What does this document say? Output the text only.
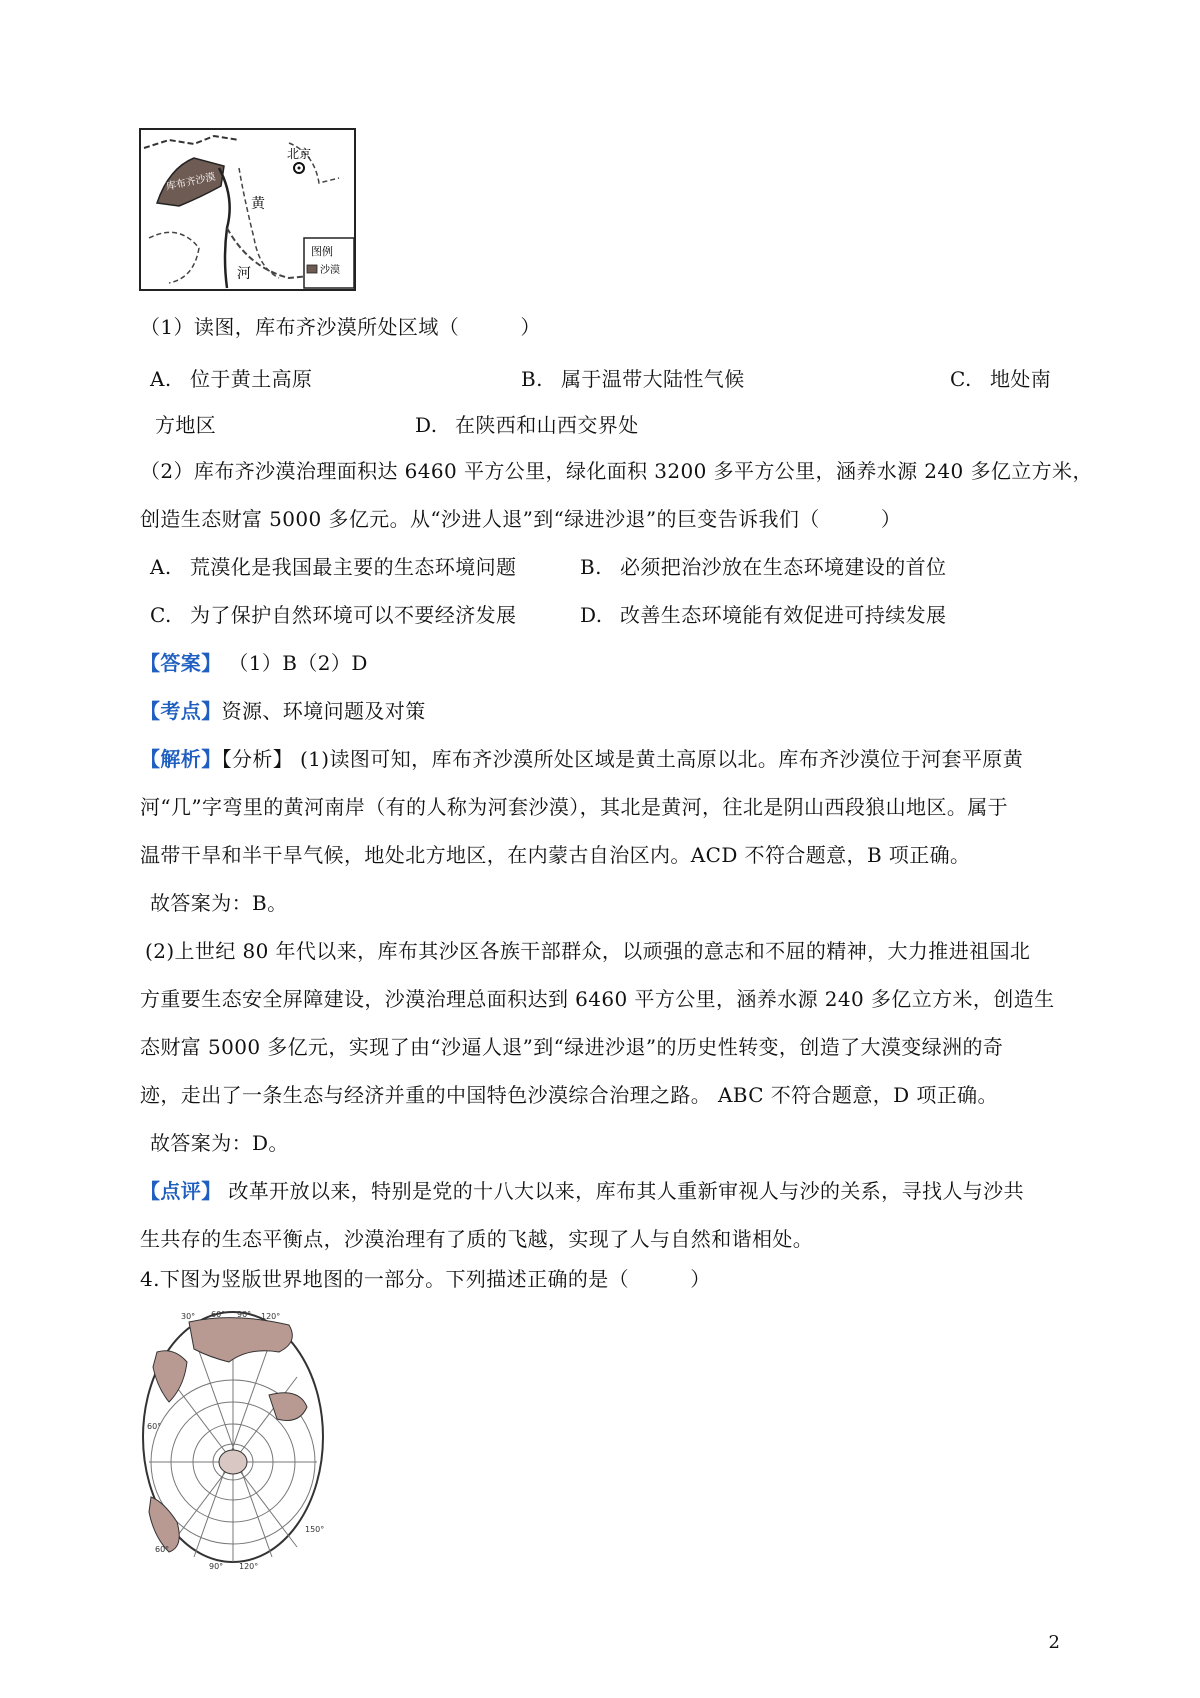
北京
库布齐沙漠
黄
河
图例
沙漠
（1）读图，库布齐沙漠所处区域（　　　）
A. 位于黄土高原	B. 属于温带大陆性气候	C. 地处南
方地区	D. 在陕西和山西交界处
（2）库布齐沙漠治理面积达 6460 平方公里，绿化面积 3200 多平方公里，涵养水源 240 多亿立方米，
创造生态财富 5000 多亿元。从“沙进人退”到“绿进沙退”的巨变告诉我们（　　　）
A. 荒漠化是我国最主要的生态环境问题	B. 必须把治沙放在生态环境建设的首位
C. 为了保护自然环境可以不要经济发展	D. 改善生态环境能有效促进可持续发展
【答案】 （1）B（2）D
【考点】资源、环境问题及对策
【解析】【分析】 (1)读图可知，库布齐沙漠所处区域是黄土高原以北。库布齐沙漠位于河套平原黄
河“几”字弯里的黄河南岸（有的人称为河套沙漠），其北是黄河，往北是阴山西段狼山地区。属于
温带干旱和半干旱气候，地处北方地区，在内蒙古自治区内。ACD 不符合题意，B 项正确。
故答案为：B。
(2)上世纪 80 年代以来，库布其沙区各族干部群众，以顽强的意志和不屈的精神，大力推进祖国北
方重要生态安全屏障建设，沙漠治理总面积达到 6460 平方公里，涵养水源 240 多亿立方米，创造生
态财富 5000 多亿元，实现了由“沙逼人退”到“绿进沙退”的历史性转变，创造了大漠变绿洲的奇
迹，走出了一条生态与经济并重的中国特色沙漠综合治理之路。 ABC 不符合题意，D 项正确。
故答案为：D。
【点评】 改革开放以来，特别是党的十八大以来，库布其人重新审视人与沙的关系，寻找人与沙共
生共存的生态平衡点，沙漠治理有了质的飞越，实现了人与自然和谐相处。
4.下图为竖版世界地图的一部分。下列描述正确的是（　　　）
30° 60° 90° 120°
60°
150°
60°
90° 120°
2
